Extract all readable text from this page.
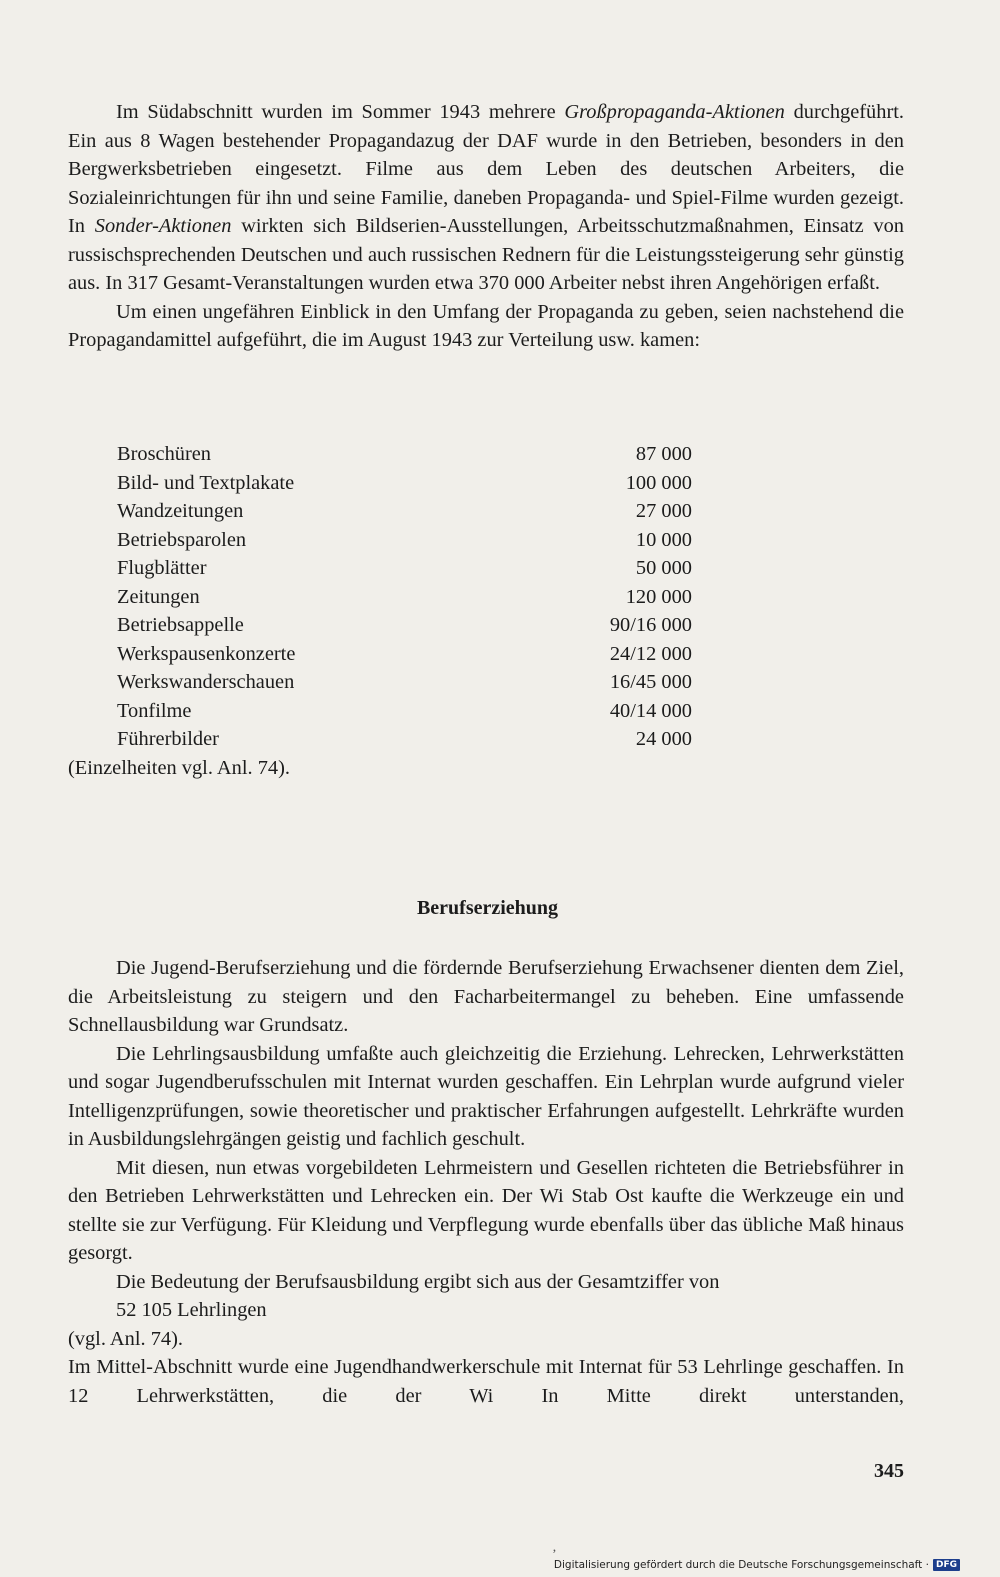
Im Südabschnitt wurden im Sommer 1943 mehrere Großpropaganda-Aktionen durchgeführt. Ein aus 8 Wagen bestehender Propagandazug der DAF wurde in den Betrieben, besonders in den Bergwerksbetrieben eingesetzt. Filme aus dem Leben des deutschen Arbeiters, die Sozialeinrichtungen für ihn und seine Familie, daneben Propaganda- und Spiel-Filme wurden gezeigt. In Sonder-Aktionen wirkten sich Bildserien-Ausstellungen, Arbeitsschutzmaßnahmen, Einsatz von russischsprechenden Deutschen und auch russischen Rednern für die Leistungssteigerung sehr günstig aus. In 317 Gesamt-Veranstaltungen wurden etwa 370 000 Arbeiter nebst ihren Angehörigen erfaßt.

Um einen ungefähren Einblick in den Umfang der Propaganda zu geben, seien nachstehend die Propagandamittel aufgeführt, die im August 1943 zur Verteilung usw. kamen:

Broschüren	87 000
Bild- und Textplakate	100 000
Wandzeitungen	27 000
Betriebsparolen	10 000
Flugblätter	50 000
Zeitungen	120 000
Betriebsappelle	90/16 000
Werkspausenkonzerte	24/12 000
Werkswanderschauen	16/45 000
Tonfilme	40/14 000
Führerbilder	24 000
(Einzelheiten vgl. Anl. 74).
Berufserziehung

Die Jugend-Berufserziehung und die fördernde Berufserziehung Erwachsener dienten dem Ziel, die Arbeitsleistung zu steigern und den Facharbeitermangel zu beheben. Eine umfassende Schnellausbildung war Grundsatz.

Die Lehrlingsausbildung umfaßte auch gleichzeitig die Erziehung. Lehrecken, Lehrwerkstätten und sogar Jugendberufsschulen mit Internat wurden geschaffen. Ein Lehrplan wurde aufgrund vieler Intelligenzprüfungen, sowie theoretischer und praktischer Erfahrungen aufgestellt. Lehrkräfte wurden in Ausbildungslehrgängen geistig und fachlich geschult.

Mit diesen, nun etwas vorgebildeten Lehrmeistern und Gesellen richteten die Betriebsführer in den Betrieben Lehrwerkstätten und Lehrecken ein. Der Wi Stab Ost kaufte die Werkzeuge ein und stellte sie zur Verfügung. Für Kleidung und Verpflegung wurde ebenfalls über das übliche Maß hinaus gesorgt.

Die Bedeutung der Berufsausbildung ergibt sich aus der Gesamtziffer von

52 105 Lehrlingen

(vgl. Anl. 74).

Im Mittel-Abschnitt wurde eine Jugendhandwerkerschule mit Internat für 53 Lehrlinge geschaffen. In 12 Lehrwerkstätten, die der Wi In Mitte direkt unterstanden,

345
‚
Digitalisierung gefördert durch die Deutsche Forschungsgemeinschaft · DFG
